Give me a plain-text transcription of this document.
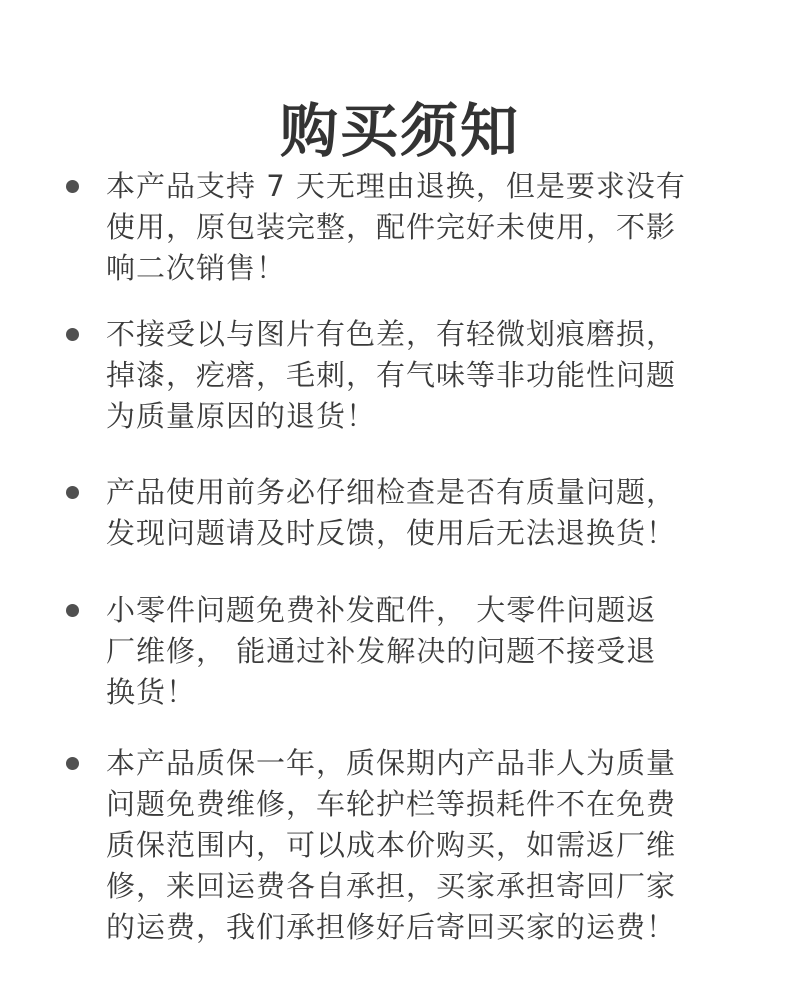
购买须知
本产品支持 7 天无理由退换，但是要求没有
使用，原包装完整，配件完好未使用，不影
响二次销售！
不接受以与图片有色差，有轻微划痕磨损，
掉漆，疙瘩，毛刺，有气味等非功能性问题
为质量原因的退货！
产品使用前务必仔细检查是否有质量问题，
发现问题请及时反馈，使用后无法退换货！
小零件问题免费补发配件， 大零件问题返
厂维修， 能通过补发解决的问题不接受退
换货！
本产品质保一年，质保期内产品非人为质量
问题免费维修，车轮护栏等损耗件不在免费
质保范围内，可以成本价购买，如需返厂维
修，来回运费各自承担，买家承担寄回厂家
的运费，我们承担修好后寄回买家的运费！
